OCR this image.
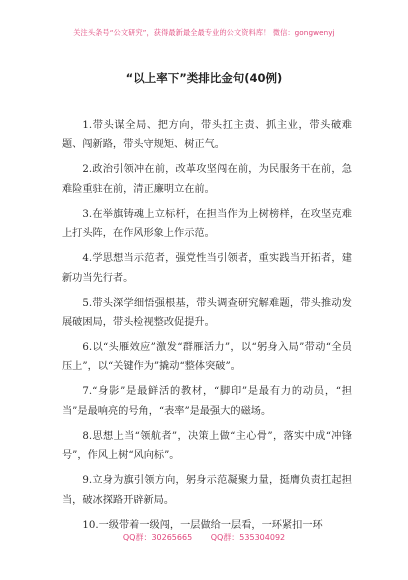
关注头条号“公文研究”，获得最新最全最专业的公文资料库！ 微信：gongwenyj
“以上率下”类排比金句(40例)

1.带头谋全局、把方向，带头扛主责、抓主业，带头破难题、闯新路，带头守规矩、树正气。

2.政治引领冲在前，改革攻坚闯在前，为民服务干在前，急难险重驻在前，清正廉明立在前。

3.在举旗铸魂上立标杆，在担当作为上树榜样，在攻坚克难上打头阵，在作风形象上作示范。

4.学思想当示范者，强党性当引领者，重实践当开拓者，建新功当先行者。

5.带头深学细悟强根基，带头调查研究解难题，带头推动发展破困局，带头检视整改促提升。

6.以“头雁效应”激发“群雁活力”，以“躬身入局”带动“全员压上”，以“关键作为”撬动“整体突破”。

7.“身影”是最鲜活的教材，“脚印”是最有力的动员，“担当”是最响亮的号角，“表率”是最强大的磁场。

8.思想上当“领航者”，决策上做“主心骨”，落实中成“冲锋号”，作风上树“风向标”。

9.立身为旗引领方向，躬身示范凝聚力量，挺膺负责扛起担当，破冰探路开辟新局。

10.一级带着一级闯，一层做给一层看，一环紧扣一环

QQ群：30265665 QQ群：535304092
